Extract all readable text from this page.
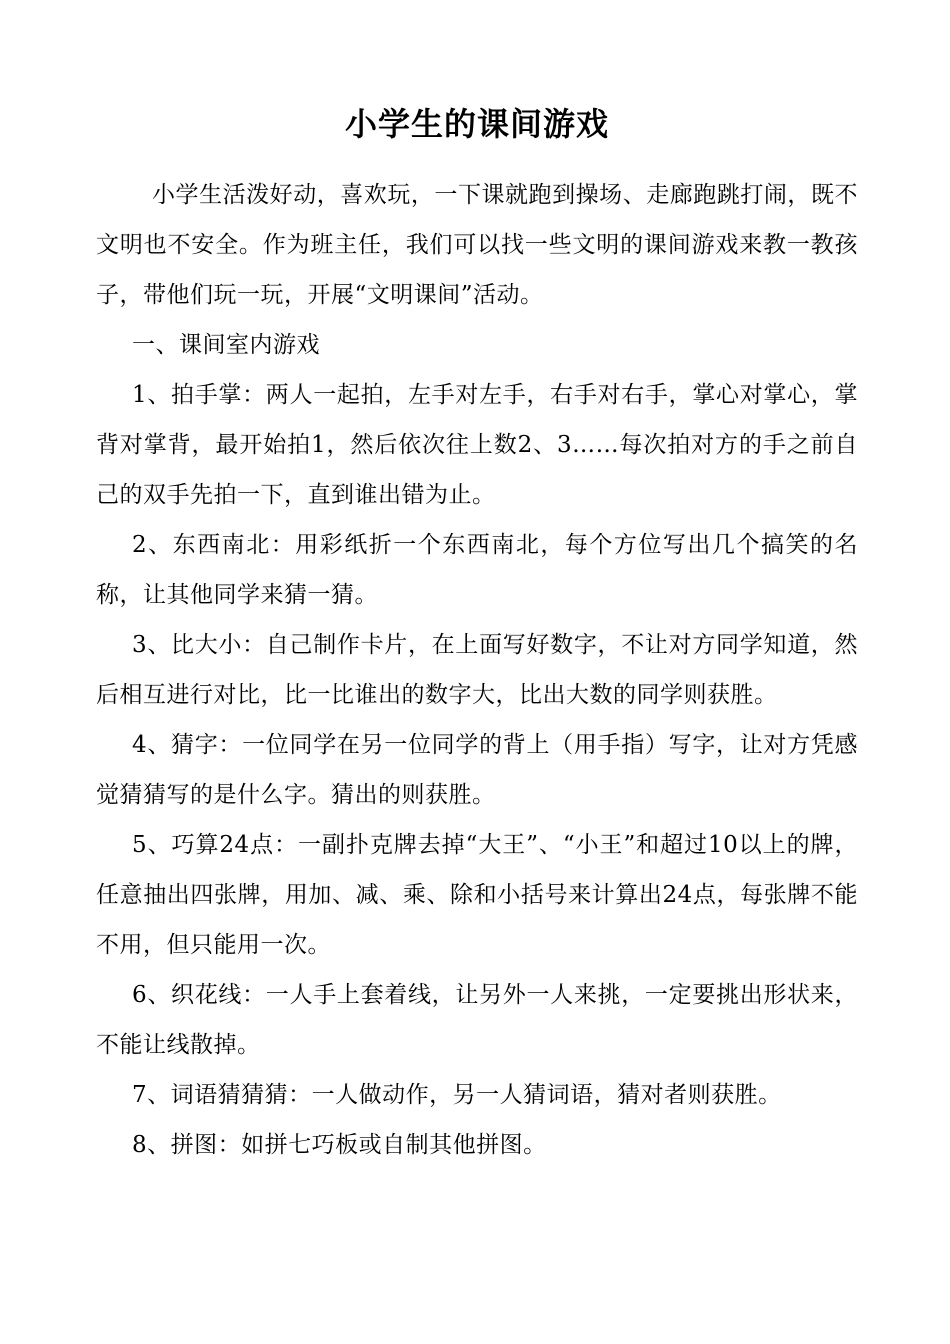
小学生的课间游戏

小学生活泼好动，喜欢玩，一下课就跑到操场、走廊跑跳打闹，既不文明也不安全。作为班主任，我们可以找一些文明的课间游戏来教一教孩子，带他们玩一玩，开展“文明课间”活动。

一、课间室内游戏

1、拍手掌：两人一起拍，左手对左手，右手对右手，掌心对掌心，掌背对掌背，最开始拍1，然后依次往上数2、3……每次拍对方的手之前自己的双手先拍一下，直到谁出错为止。

2、东西南北：用彩纸折一个东西南北，每个方位写出几个搞笑的名称，让其他同学来猜一猜。

3、比大小：自己制作卡片，在上面写好数字，不让对方同学知道，然后相互进行对比，比一比谁出的数字大，比出大数的同学则获胜。

4、猜字：一位同学在另一位同学的背上（用手指）写字，让对方凭感觉猜猜写的是什么字。猜出的则获胜。

5、巧算24点：一副扑克牌去掉“大王”、“小王”和超过10以上的牌，任意抽出四张牌，用加、减、乘、除和小括号来计算出24点，每张牌不能不用，但只能用一次。

6、织花线：一人手上套着线，让另外一人来挑，一定要挑出形状来，不能让线散掉。

7、词语猜猜猜：一人做动作，另一人猜词语，猜对者则获胜。

8、拼图：如拼七巧板或自制其他拼图。
